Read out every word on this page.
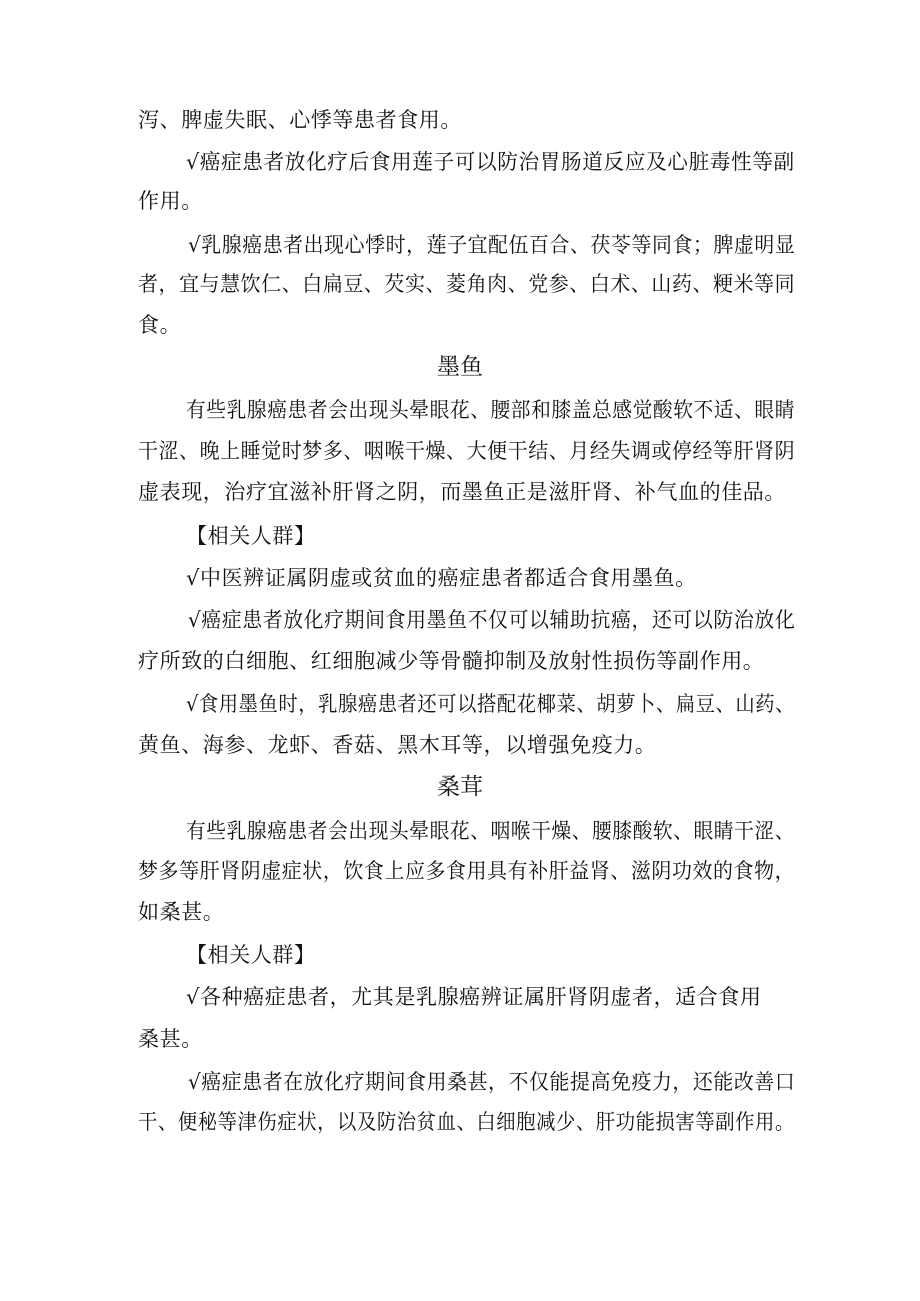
泻、脾虚失眠、心悸等患者食用。
√癌症患者放化疗后食用莲子可以防治胃肠道反应及心脏毒性等副
作用。
√乳腺癌患者出现心悸时，莲子宜配伍百合、茯苓等同食；脾虚明显
者，宜与慧饮仁、白扁豆、芡实、菱角肉、党参、白术、山药、粳米等同
食。
墨鱼
有些乳腺癌患者会出现头晕眼花、腰部和膝盖总感觉酸软不适、眼睛
干涩、晚上睡觉时梦多、咽喉干燥、大便干结、月经失调或停经等肝肾阴
虚表现，治疗宜滋补肝肾之阴，而墨鱼正是滋肝肾、补气血的佳品。
【相关人群】
√中医辨证属阴虚或贫血的癌症患者都适合食用墨鱼。
√癌症患者放化疗期间食用墨鱼不仅可以辅助抗癌，还可以防治放化
疗所致的白细胞、红细胞减少等骨髓抑制及放射性损伤等副作用。
√食用墨鱼时，乳腺癌患者还可以搭配花椰菜、胡萝卜、扁豆、山药、
黄鱼、海参、龙虾、香菇、黑木耳等，以增强免疫力。
桑茸
有些乳腺癌患者会出现头晕眼花、咽喉干燥、腰膝酸软、眼睛干涩、
梦多等肝肾阴虚症状，饮食上应多食用具有补肝益肾、滋阴功效的食物，
如桑甚。
【相关人群】
√各种癌症患者，尤其是乳腺癌辨证属肝肾阴虚者，适合食用
桑甚。
√癌症患者在放化疗期间食用桑甚，不仅能提高免疫力，还能改善口
干、便秘等津伤症状，以及防治贫血、白细胞减少、肝功能损害等副作用。
